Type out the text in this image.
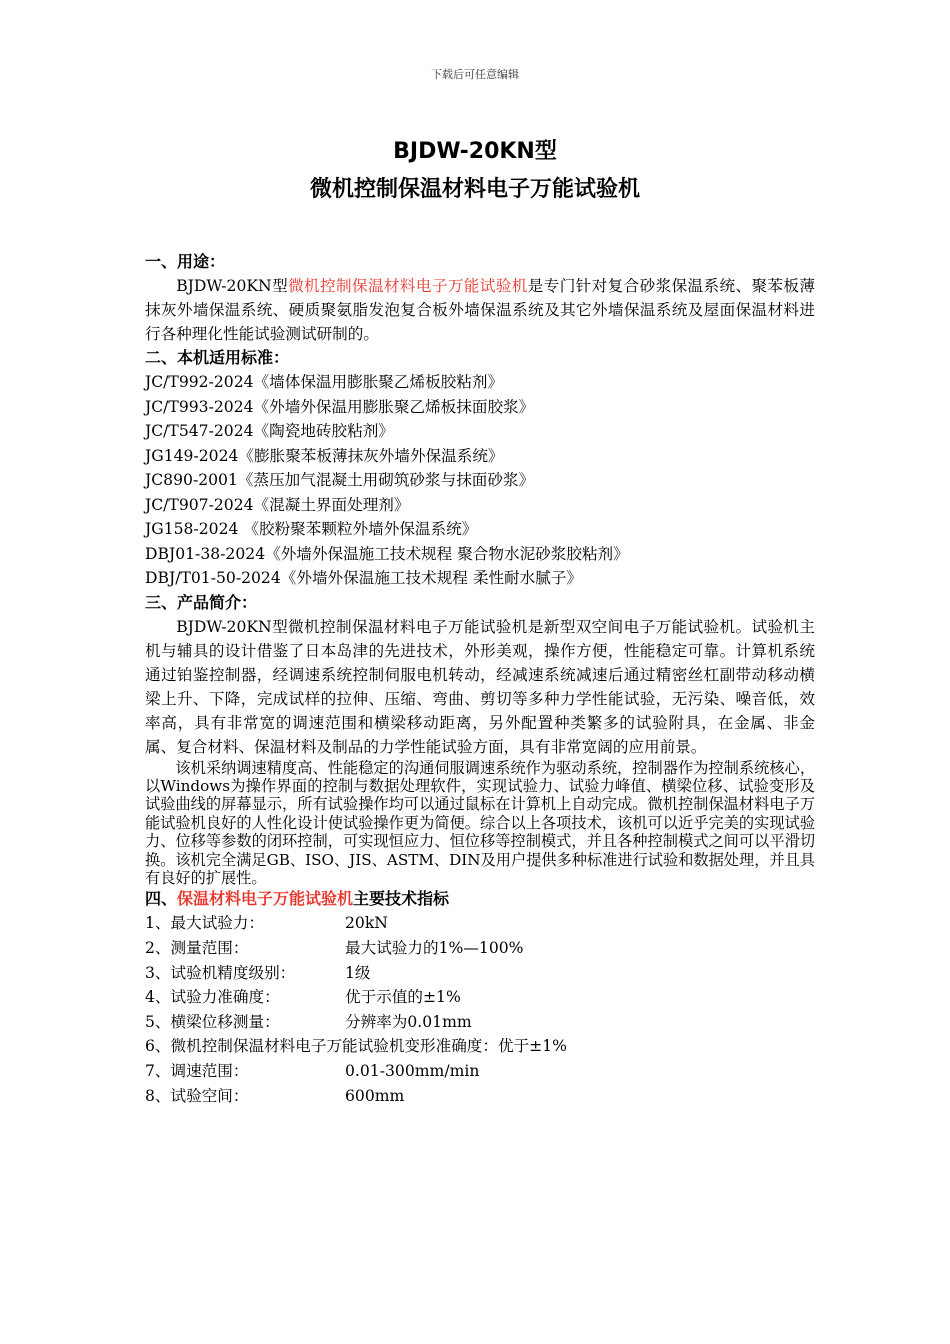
下载后可任意编辑
BJDW-20KN型
微机控制保温材料电子万能试验机
一、用途：
BJDW-20KN型微机控制保温材料电子万能试验机是专门针对复合砂浆保温系统、聚苯板薄抹灰外墙保温系统、硬质聚氨脂发泡复合板外墙保温系统及其它外墙保温系统及屋面保温材料进行各种理化性能试验测试研制的。
二、本机适用标准：
JC/T992-2024《墙体保温用膨胀聚乙烯板胶粘剂》
JC/T993-2024《外墙外保温用膨胀聚乙烯板抹面胶浆》
JC/T547-2024《陶瓷地砖胶粘剂》
JG149-2024《膨胀聚苯板薄抹灰外墙外保温系统》
JC890-2001《蒸压加气混凝土用砌筑砂浆与抹面砂浆》
JC/T907-2024《混凝土界面处理剂》
JG158-2024 《胶粉聚苯颗粒外墙外保温系统》
DBJ01-38-2024《外墙外保温施工技术规程 聚合物水泥砂浆胶粘剂》
DBJ/T01-50-2024《外墙外保温施工技术规程 柔性耐水腻子》
三、产品简介：
BJDW-20KN型微机控制保温材料电子万能试验机是新型双空间电子万能试验机。试验机主机与辅具的设计借鉴了日本岛津的先进技术，外形美观，操作方便，性能稳定可靠。计算机系统通过铂鉴控制器，经调速系统控制伺服电机转动，经减速系统减速后通过精密丝杠副带动移动横梁上升、下降，完成试样的拉伸、压缩、弯曲、剪切等多种力学性能试验，无污染、噪音低，效率高，具有非常宽的调速范围和横梁移动距离，另外配置种类繁多的试验附具，在金属、非金属、复合材料、保温材料及制品的力学性能试验方面，具有非常宽阔的应用前景。
该机采纳调速精度高、性能稳定的沟通伺服调速系统作为驱动系统，控制器作为控制系统核心，以Windows为操作界面的控制与数据处理软件，实现试验力、试验力峰值、横梁位移、试验变形及试验曲线的屏幕显示，所有试验操作均可以通过鼠标在计算机上自动完成。微机控制保温材料电子万能试验机良好的人性化设计使试验操作更为简便。综合以上各项技术，该机可以近乎完美的实现试验力、位移等参数的闭环控制，可实现恒应力、恒位移等控制模式，并且各种控制模式之间可以平滑切换。该机完全满足GB、ISO、JIS、ASTM、DIN及用户提供多种标准进行试验和数据处理，并且具有良好的扩展性。
四、保温材料电子万能试验机主要技术指标
1、最大试验力：	20kN
2、测量范围：	最大试验力的1%—100%
3、试验机精度级别：	1级
4、试验力准确度：	优于示值的±1%
5、横梁位移测量：	分辨率为0.01mm
6、微机控制保温材料电子万能试验机变形准确度： 优于±1%
7、调速范围：	0.01-300mm/min
8、试验空间：	600mm
